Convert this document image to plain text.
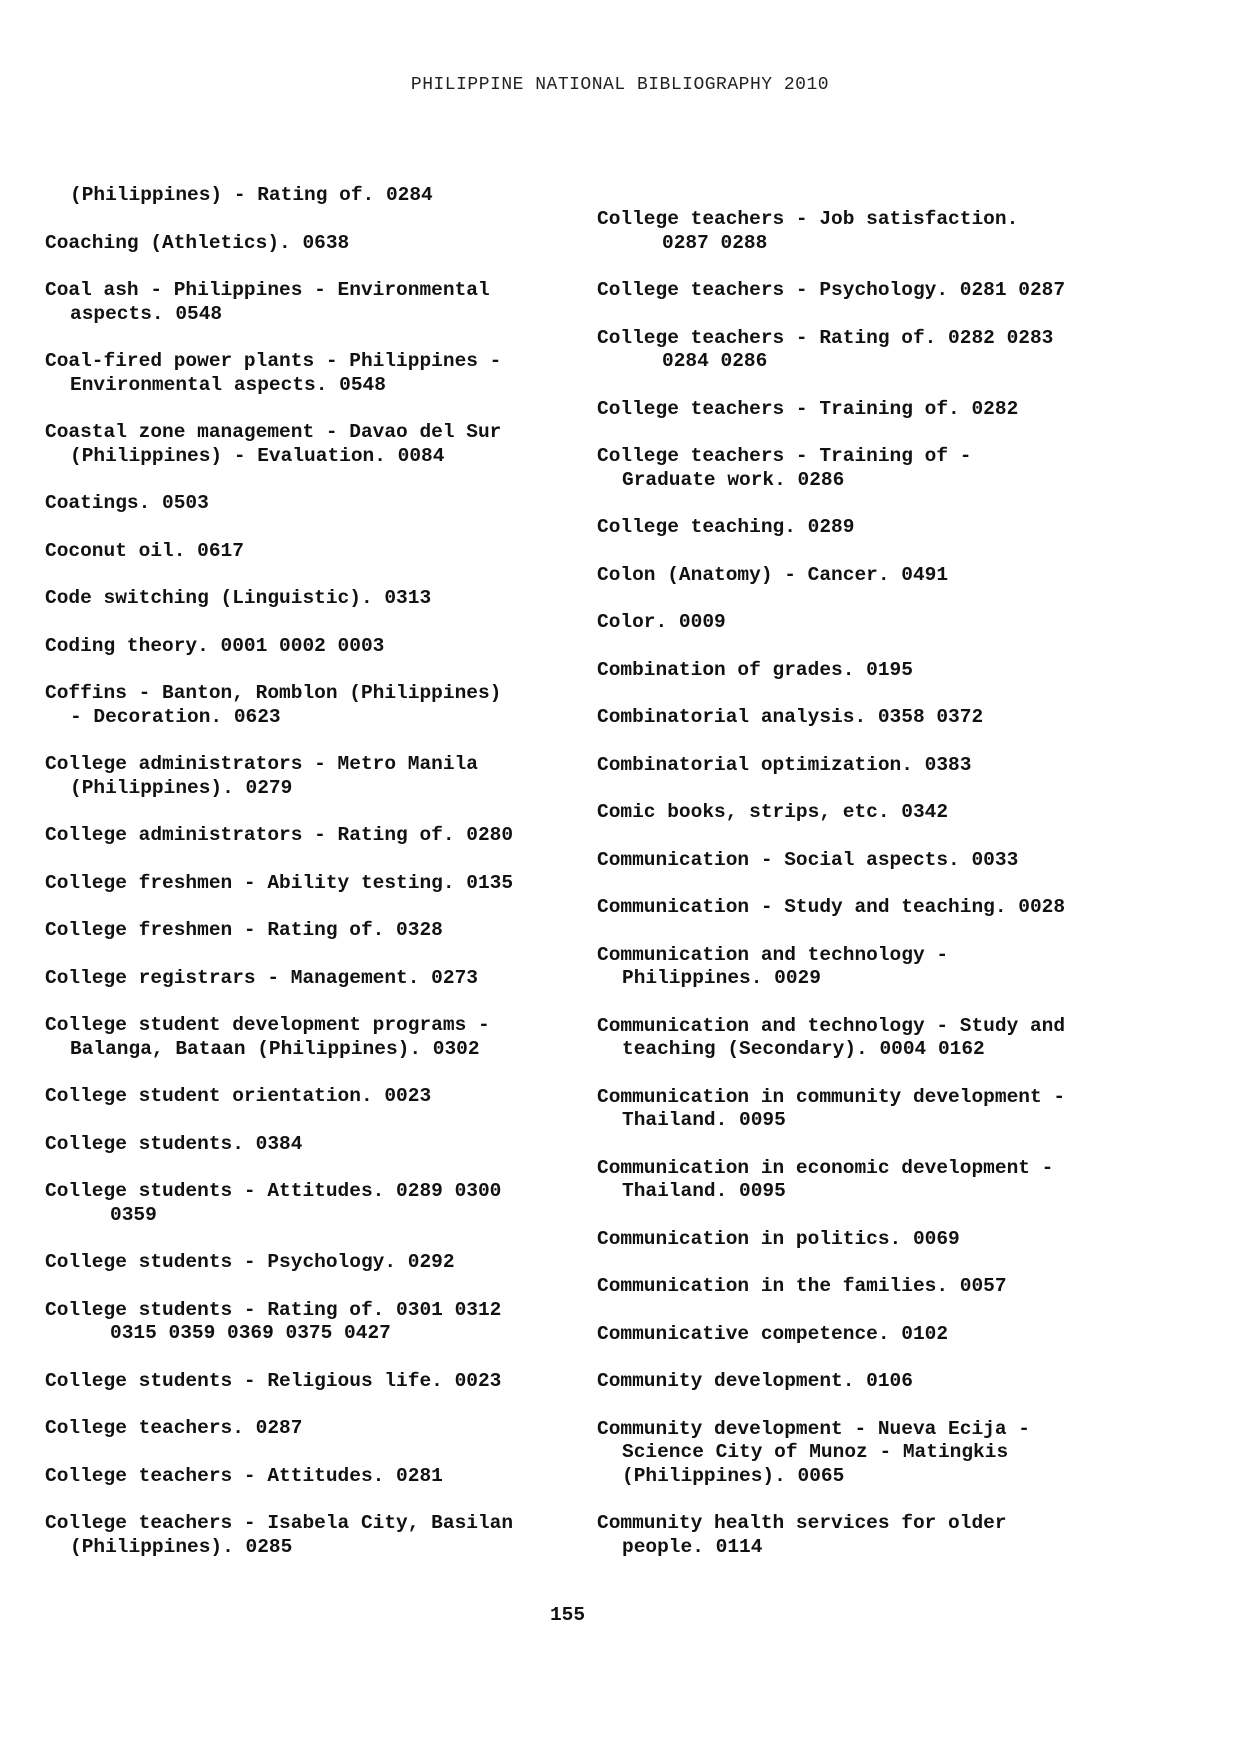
PHILIPPINE NATIONAL BIBLIOGRAPHY 2010
(Philippines) - Rating of. 0284
Coaching (Athletics). 0638
Coal ash - Philippines - Environmental
aspects. 0548
Coal-fired power plants - Philippines -
Environmental aspects. 0548
Coastal zone management - Davao del Sur
(Philippines) - Evaluation. 0084
Coatings. 0503
Coconut oil. 0617
Code switching (Linguistic). 0313
Coding theory. 0001 0002 0003
Coffins - Banton, Romblon (Philippines)
- Decoration. 0623
College administrators - Metro Manila
(Philippines). 0279
College administrators - Rating of. 0280
College freshmen - Ability testing. 0135
College freshmen - Rating of. 0328
College registrars - Management. 0273
College student development programs -
Balanga, Bataan (Philippines). 0302
College student orientation. 0023
College students. 0384
College students - Attitudes. 0289 0300
0359
College students - Psychology. 0292
College students - Rating of. 0301 0312
0315 0359 0369 0375 0427
College students - Religious life. 0023
College teachers. 0287
College teachers - Attitudes. 0281
College teachers - Isabela City, Basilan
(Philippines). 0285
College teachers - Job satisfaction.
0287 0288
College teachers - Psychology. 0281 0287
College teachers - Rating of. 0282 0283
0284 0286
College teachers - Training of. 0282
College teachers - Training of -
Graduate work. 0286
College teaching. 0289
Colon (Anatomy) - Cancer. 0491
Color. 0009
Combination of grades. 0195
Combinatorial analysis. 0358 0372
Combinatorial optimization. 0383
Comic books, strips, etc. 0342
Communication - Social aspects. 0033
Communication - Study and teaching. 0028
Communication and technology -
Philippines. 0029
Communication and technology - Study and
teaching (Secondary). 0004 0162
Communication in community development -
Thailand. 0095
Communication in economic development -
Thailand. 0095
Communication in politics. 0069
Communication in the families. 0057
Communicative competence. 0102
Community development. 0106
Community development - Nueva Ecija -
Science City of Munoz - Matingkis
(Philippines). 0065
Community health services for older
people. 0114
155
